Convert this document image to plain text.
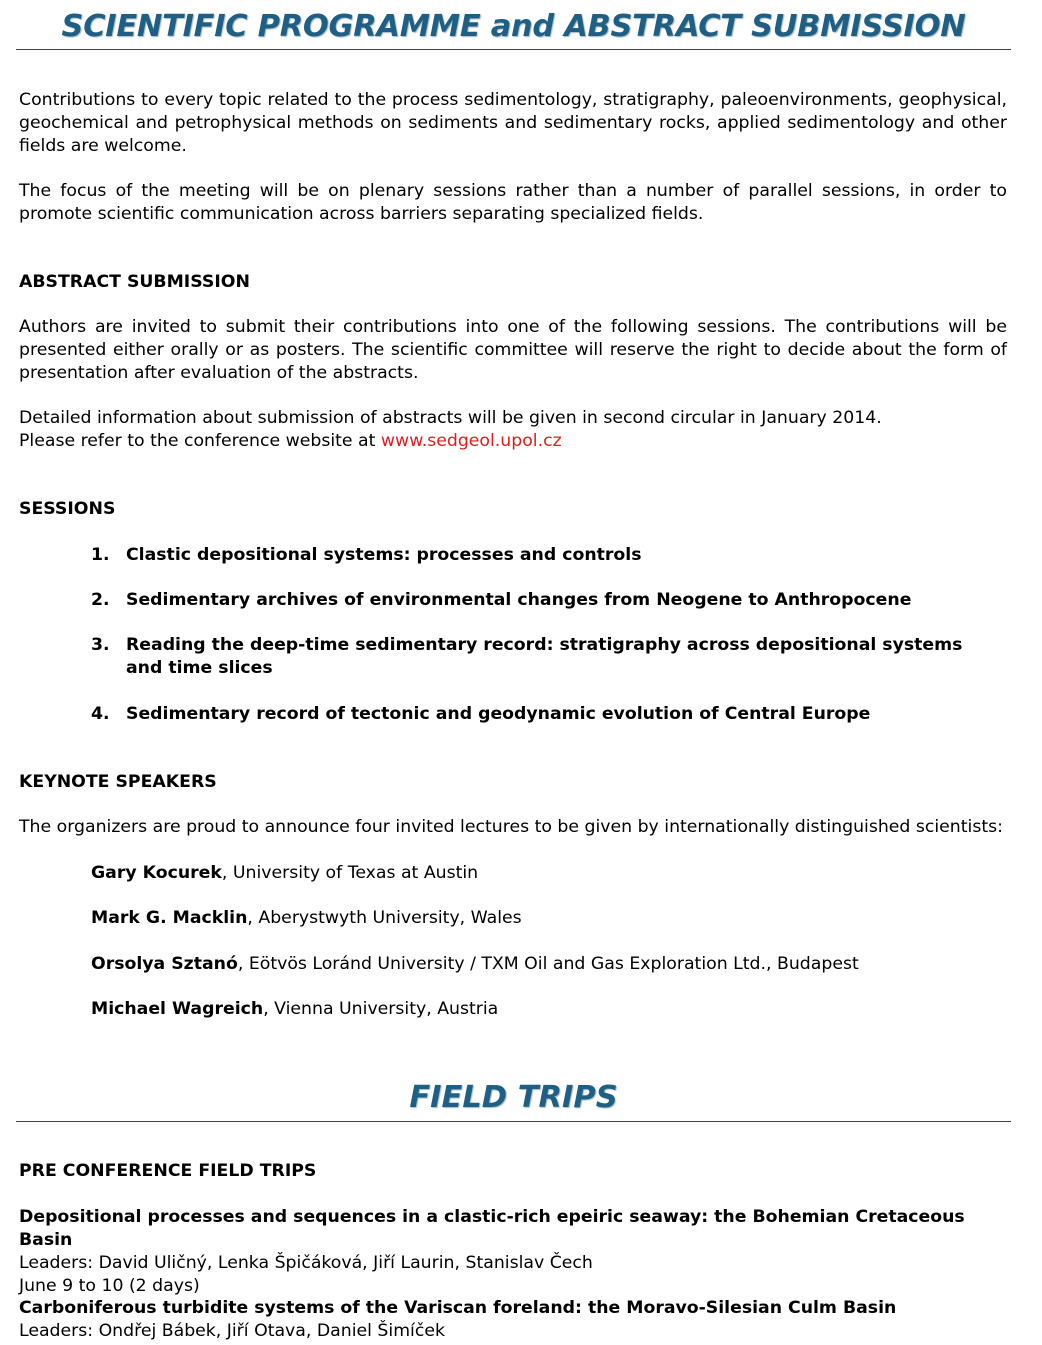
SCIENTIFIC PROGRAMME and ABSTRACT SUBMISSION
Contributions to every topic related to the process sedimentology, stratigraphy, paleoenvironments, geophysical, geochemical and petrophysical methods on sediments and sedimentary rocks, applied sedimentology and other fields are welcome.
The focus of the meeting will be on plenary sessions rather than a number of parallel sessions, in order to promote scientific communication across barriers separating specialized fields.
ABSTRACT SUBMISSION
Authors are invited to submit their contributions into one of the following sessions. The contributions will be presented either orally or as posters. The scientific committee will reserve the right to decide about the form of presentation after evaluation of the abstracts.
Detailed information about submission of abstracts will be given in second circular in January 2014.
Please refer to the conference website at www.sedgeol.upol.cz
SESSIONS
1. Clastic depositional systems: processes and controls
2. Sedimentary archives of environmental changes from Neogene to Anthropocene
3. Reading the deep-time sedimentary record: stratigraphy across depositional systems and time slices
4. Sedimentary record of tectonic and geodynamic evolution of Central Europe
KEYNOTE SPEAKERS
The organizers are proud to announce four invited lectures to be given by internationally distinguished scientists:
Gary Kocurek, University of Texas at Austin
Mark G. Macklin, Aberystwyth University, Wales
Orsolya Sztanó, Eötvös Loránd University / TXM Oil and Gas Exploration Ltd., Budapest
Michael Wagreich, Vienna University, Austria
FIELD TRIPS
PRE CONFERENCE FIELD TRIPS
Depositional processes and sequences in a clastic-rich epeiric seaway: the Bohemian Cretaceous Basin
Leaders: David Uličný, Lenka Špičáková, Jiří Laurin, Stanislav Čech
June 9 to 10 (2 days)
Carboniferous turbidite systems of the Variscan foreland: the Moravo-Silesian Culm Basin
Leaders: Ondřej Bábek, Jiří Otava, Daniel Šimíček
